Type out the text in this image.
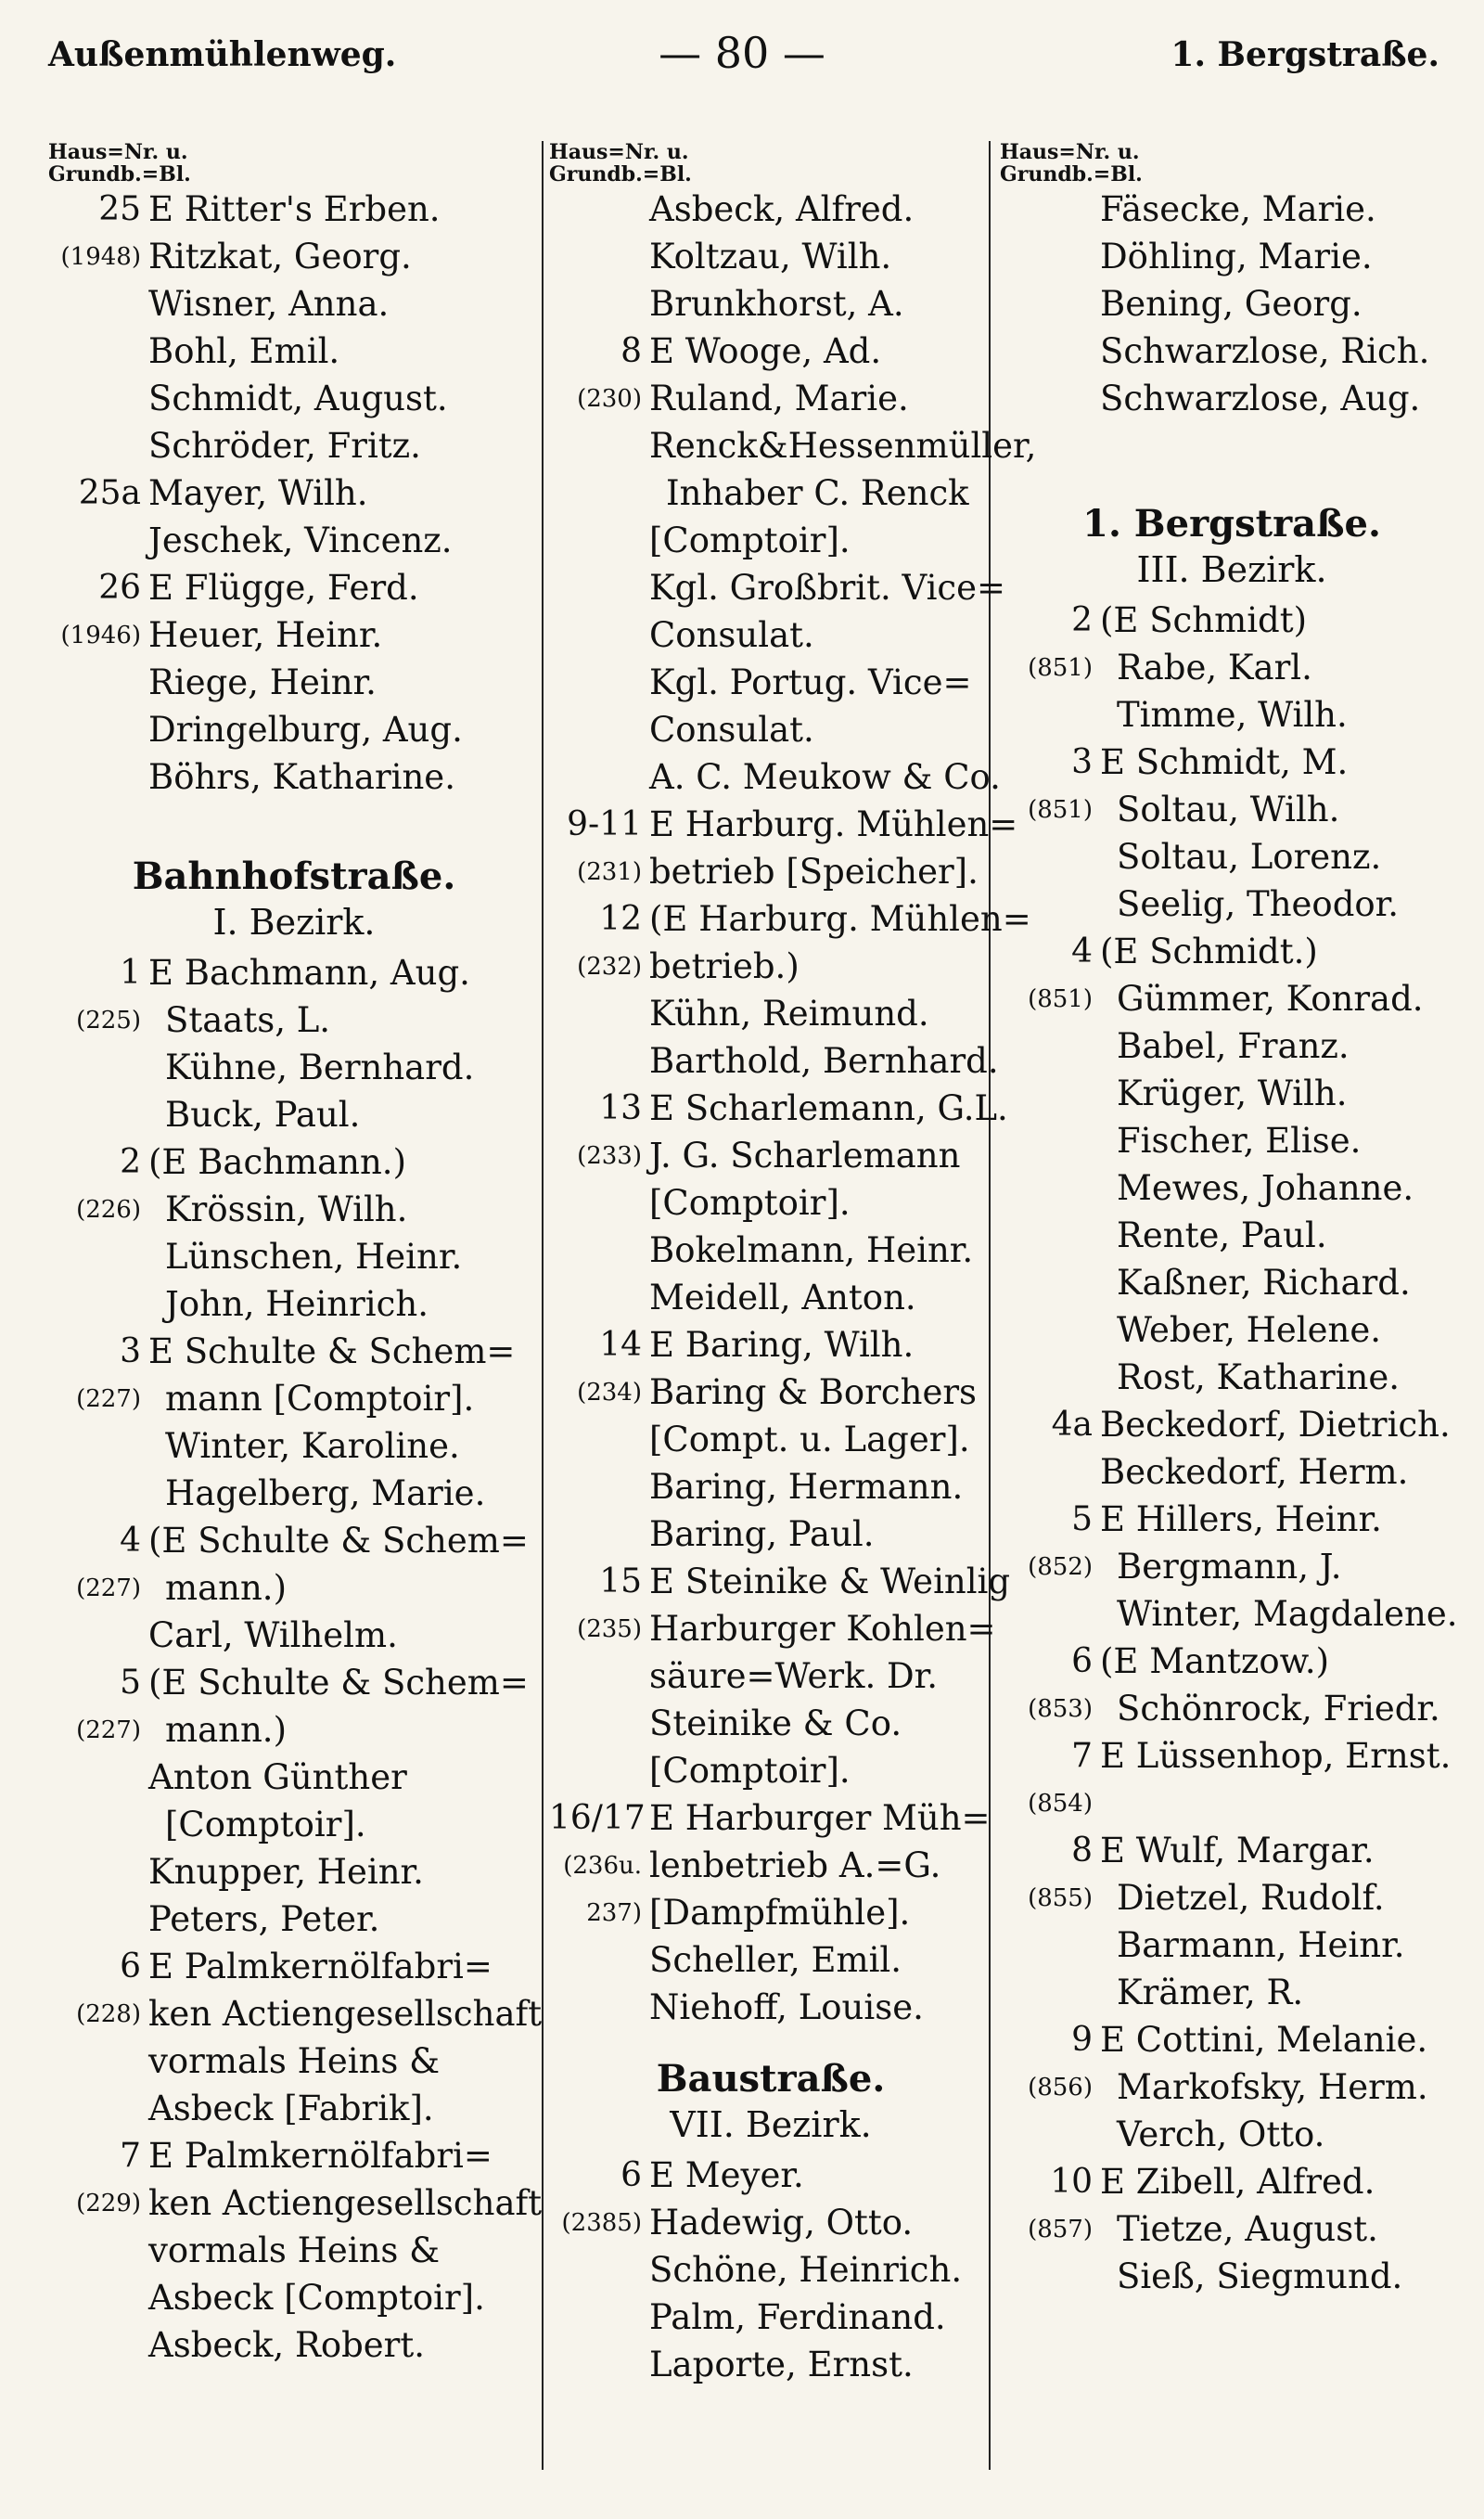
— 80 —
Außenmühlenweg.	1. Bergstraße.
Haus=Nr. u.
Grundb.=Bl.
25 E Ritter's Erben.
(1948) Ritzkat, Georg.
Wisner, Anna.
Bohl, Emil.
Schmidt, August.
Schröder, Fritz.
25a Mayer, Wilh.
Jeschek, Vincenz.
26 E Flügge, Ferd.
(1946) Heuer, Heinr.
Riege, Heinr.
Dringelburg, Aug.
Böhrs, Katharine.
Bahnhofstraße.
I. Bezirk.
1 E Bachmann, Aug.
(225) Staats, L.
Kühne, Bernhard.
Buck, Paul.
2 (E Bachmann.)
(226) Krössin, Wilh.
Lünschen, Heinr.
John, Heinrich.
3 E Schulte & Schem=
(227) mann [Comptoir].
Winter, Karoline.
Hagelberg, Marie.
4 (E Schulte & Schem=
(227) mann.)
Carl, Wilhelm.
5 (E Schulte & Schem=
(227) mann.)
Anton Günther
[Comptoir].
Knupper, Heinr.
Peters, Peter.
6 E Palmkernölfabri=
(228) ken Actiengesellschaft
vormals Heins &
Asbeck [Fabrik].
7 E Palmkernölfabri=
(229) ken Actiengesellschaft
vormals Heins &
Asbeck [Comptoir].
Asbeck, Robert.
Haus=Nr. u.
Grundb.=Bl.
Asbeck, Alfred.
Koltzau, Wilh.
Brunkhorst, A.
8 E Wooge, Ad.
(230) Ruland, Marie.
Renck&Hessenmüller,
Inhaber C. Renck
[Comptoir].
Kgl. Großbrit. Vice=
Consulat.
Kgl. Portug. Vice=
Consulat.
A. C. Meukow & Co.
9-11 E Harburg. Mühlen=
(231) betrieb [Speicher].
12 (E Harburg. Mühlen=
(232) betrieb.)
Kühn, Reimund.
Barthold, Bernhard.
13 E Scharlemann, G.L.
(233) J. G. Scharlemann
[Comptoir].
Bokelmann, Heinr.
Meidell, Anton.
14 E Baring, Wilh.
(234) Baring & Borchers
[Compt. u. Lager].
Baring, Hermann.
Baring, Paul.
15 E Steinike & Weinlig
(235) Harburger Kohlen=
säure=Werk. Dr.
Steinike & Co.
[Comptoir].
16/17 E Harburger Müh=
(236u. lenbetrieb A.=G.
237) [Dampfmühle].
Scheller, Emil.
Niehoff, Louise.
Baustraße.
VII. Bezirk.
6 E Meyer.
(2385) Hadewig, Otto.
Schöne, Heinrich.
Palm, Ferdinand.
Laporte, Ernst.
Haus=Nr. u.
Grundb.=Bl.
Fäsecke, Marie.
Döhling, Marie.
Bening, Georg.
Schwarzlose, Rich.
Schwarzlose, Aug.
1. Bergstraße.
III. Bezirk.
2 (E Schmidt)
(851) Rabe, Karl.
Timme, Wilh.
3 E Schmidt, M.
(851) Soltau, Wilh.
Soltau, Lorenz.
Seelig, Theodor.
4 (E Schmidt.)
(851) Gümmer, Konrad.
Babel, Franz.
Krüger, Wilh.
Fischer, Elise.
Mewes, Johanne.
Rente, Paul.
Kaßner, Richard.
Weber, Helene.
Rost, Katharine.
4a Beckedorf, Dietrich.
Beckedorf, Herm.
5 E Hillers, Heinr.
(852) Bergmann, J.
Winter, Magdalene.
6 (E Mantzow.)
(853) Schönrock, Friedr.
7 E Lüssenhop, Ernst.
(854)
8 E Wulf, Margar.
(855) Dietzel, Rudolf.
Barmann, Heinr.
Krämer, R.
9 E Cottini, Melanie.
(856) Markofsky, Herm.
Verch, Otto.
10 E Zibell, Alfred.
(857) Tietze, August.
Sieß, Siegmund.
